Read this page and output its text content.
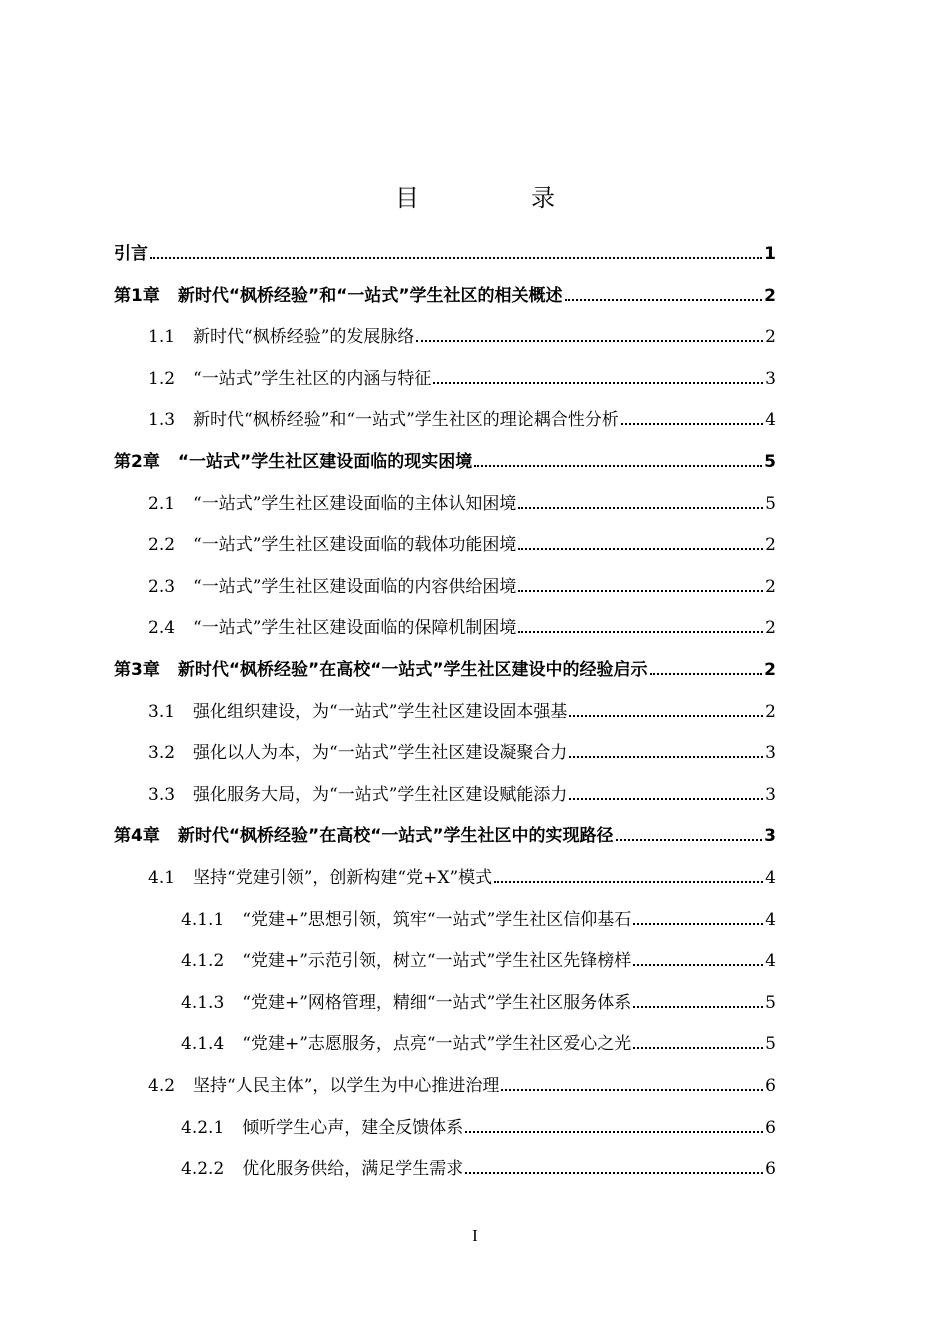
目　录
引言	1
第1章 新时代“枫桥经验”和“一站式”学生社区的相关概述	2
1.1 新时代“枫桥经验”的发展脉络	2
1.2 “一站式”学生社区的内涵与特征	3
1.3 新时代“枫桥经验”和“一站式”学生社区的理论耦合性分析	4
第2章 “一站式”学生社区建设面临的现实困境	5
2.1 “一站式”学生社区建设面临的主体认知困境	5
2.2 “一站式”学生社区建设面临的载体功能困境	2
2.3 “一站式”学生社区建设面临的内容供给困境	2
2.4 “一站式”学生社区建设面临的保障机制困境	2
第3章 新时代“枫桥经验”在高校“一站式”学生社区建设中的经验启示	2
3.1 强化组织建设，为“一站式”学生社区建设固本强基	2
3.2 强化以人为本，为“一站式”学生社区建设凝聚合力	3
3.3 强化服务大局，为“一站式”学生社区建设赋能添力	3
第4章 新时代“枫桥经验”在高校“一站式”学生社区中的实现路径	3
4.1 坚持“党建引领”，创新构建“党+X”模式	4
4.1.1 “党建+”思想引领，筑牢“一站式”学生社区信仰基石	4
4.1.2 “党建+”示范引领，树立“一站式”学生社区先锋榜样	4
4.1.3 “党建+”网格管理，精细“一站式”学生社区服务体系	5
4.1.4 “党建+”志愿服务，点亮“一站式”学生社区爱心之光	5
4.2 坚持“人民主体”，以学生为中心推进治理	6
4.2.1 倾听学生心声，建全反馈体系	6
4.2.2 优化服务供给，满足学生需求	6
I
